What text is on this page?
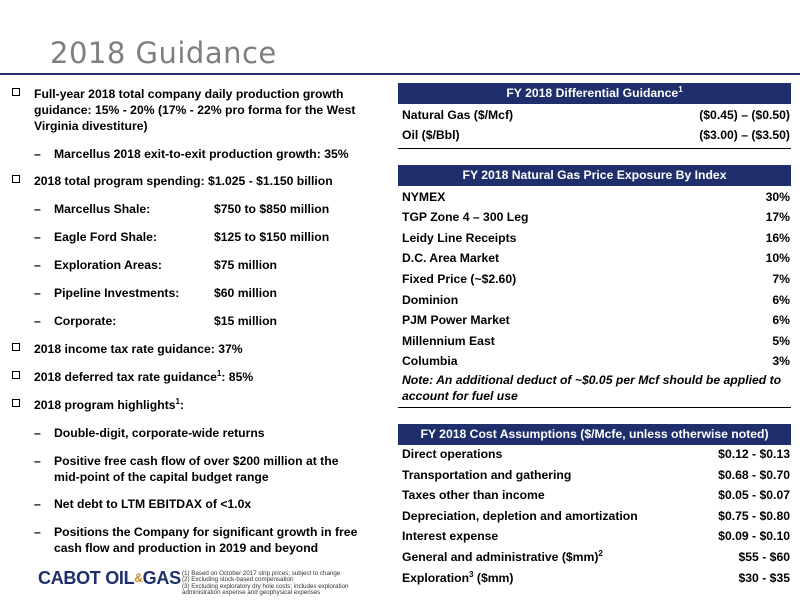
2018 Guidance
Full-year 2018 total company daily production growth guidance: 15% - 20% (17% - 22% pro forma for the West Virginia divestiture)
– Marcellus 2018 exit-to-exit production growth: 35%
2018 total program spending: $1.025 - $1.150 billion
– Marcellus Shale:	$750 to $850 million
– Eagle Ford Shale:	$125 to $150 million
– Exploration Areas:	$75 million
– Pipeline Investments:	$60 million
– Corporate:	$15 million
2018 income tax rate guidance: 37%
2018 deferred tax rate guidance$^1$: 85%
2018 program highlights$^1$:
– Double-digit, corporate-wide returns
– Positive free cash flow of over $200 million at the mid-point of the capital budget range
– Net debt to LTM EBITDAX of <1.0x
– Positions the Company for significant growth in free cash flow and production in 2019 and beyond
FY 2018 Differential Guidance$^1$
Natural Gas ($/Mcf)	($0.45) – ($0.50)
Oil ($/Bbl)	($3.00) – ($3.50)
FY 2018 Natural Gas Price Exposure By Index
NYMEX	30%
TGP Zone 4 – 300 Leg	17%
Leidy Line Receipts	16%
D.C. Area Market	10%
Fixed Price (~$2.60)	7%
Dominion	6%
PJM Power Market	6%
Millennium East	5%
Columbia	3%
Note: An additional deduct of ~$0.05 per Mcf should be applied to account for fuel use
FY 2018 Cost Assumptions ($/Mcfe, unless otherwise noted)
Direct operations	$0.12 - $0.13
Transportation and gathering	$0.68 - $0.70
Taxes other than income	$0.05 - $0.07
Depreciation, depletion and amortization	$0.75 - $0.80
Interest expense	$0.09 - $0.10
General and administrative ($mm)$^2$	$55 - $60
Exploration$^3$ ($mm)	$30 - $35
CABOT OIL&GAS (1) Based on October 2017 strip prices; subject to change
(2) Excluding stock-based compensation
(3) Excluding exploratory dry hole costs; includes exploration administration expense and geophysical expenses
